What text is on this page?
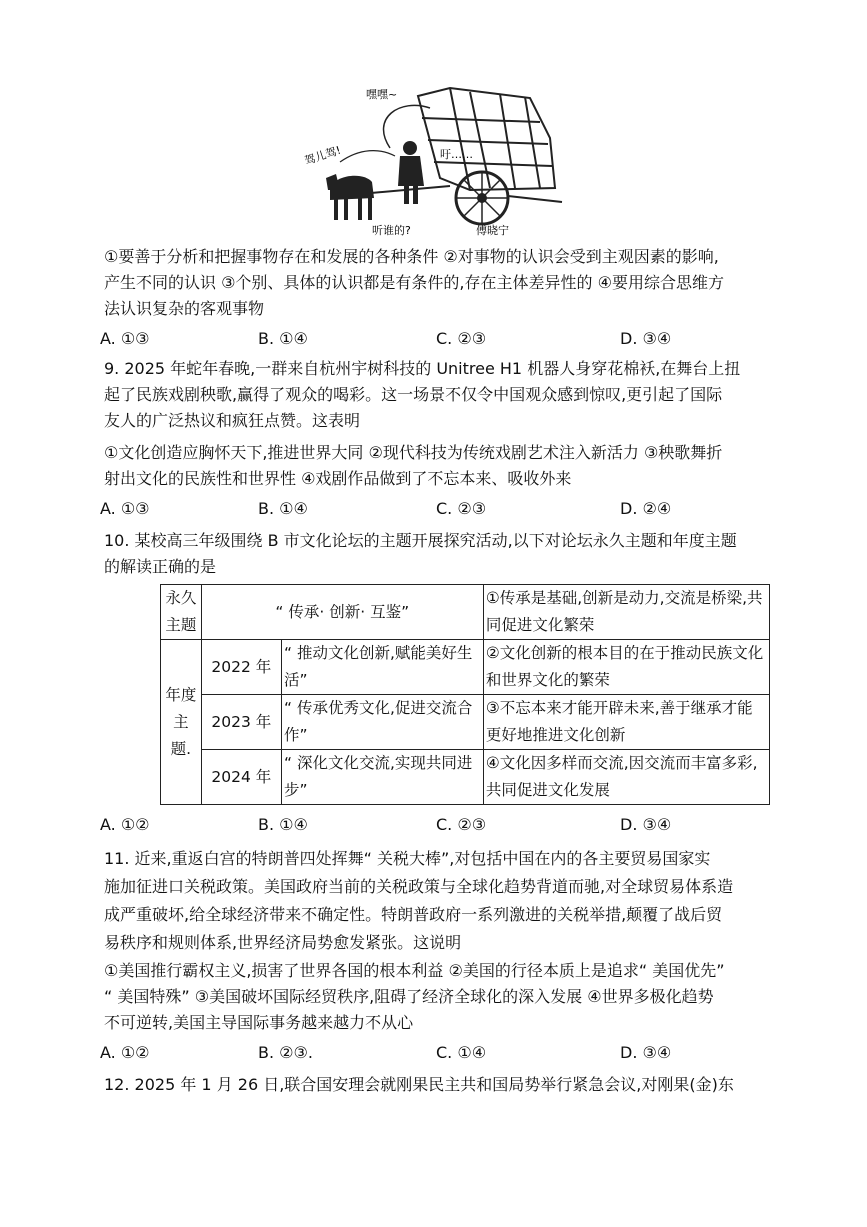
嘿嘿~
驾儿驾!	吁……
听谁的?	傅晓宁
①要善于分析和把握事物存在和发展的各种条件 ②对事物的认识会受到主观因素的影响,
产生不同的认识 ③个别、具体的认识都是有条件的,存在主体差异性的 ④要用综合思维方
法认识复杂的客观事物
A. ①③	B. ①④	C. ②③	D. ③④
9. 2025 年蛇年春晚,一群来自杭州宇树科技的 Unitree H1 机器人身穿花棉袄,在舞台上扭
起了民族戏剧秧歌,赢得了观众的喝彩。这一场景不仅令中国观众感到惊叹,更引起了国际
友人的广泛热议和疯狂点赞。这表明
①文化创造应胸怀天下,推进世界大同 ②现代科技为传统戏剧艺术注入新活力 ③秧歌舞折
射出文化的民族性和世界性 ④戏剧作品做到了不忘本来、吸收外来
A. ①③	B. ①④	C. ②③	D. ②④
10. 某校高三年级围绕 B 市文化论坛的主题开展探究活动,以下对论坛永久主题和年度主题
的解读正确的是
永久主题	“ 传承· 创新· 互鉴”		①传承是基础,创新是动力,交流是桥梁,共同促进文化繁荣
年度主题.	2022 年	“ 推动文化创新,赋能美好生活”	②文化创新的根本目的在于推动民族文化和世界文化的繁荣
	2023 年	“ 传承优秀文化,促进交流合作”	③不忘本来才能开辟未来,善于继承才能更好地推进文化创新
	2024 年	“ 深化文化交流,实现共同进步”	④文化因多样而交流,因交流而丰富多彩,共同促进文化发展
A. ①②	B. ①④	C. ②③	D. ③④
11. 近来,重返白宫的特朗普四处挥舞“ 关税大棒”,对包括中国在内的各主要贸易国家实
施加征进口关税政策。美国政府当前的关税政策与全球化趋势背道而驰,对全球贸易体系造
成严重破坏,给全球经济带来不确定性。特朗普政府一系列激进的关税举措,颠覆了战后贸
易秩序和规则体系,世界经济局势愈发紧张。这说明
①美国推行霸权主义,损害了世界各国的根本利益 ②美国的行径本质上是追求“ 美国优先”
“ 美国特殊” ③美国破坏国际经贸秩序,阻碍了经济全球化的深入发展 ④世界多极化趋势
不可逆转,美国主导国际事务越来越力不从心
A. ①②	B. ②③.	C. ①④	D. ③④
12. 2025 年 1 月 26 日,联合国安理会就刚果民主共和国局势举行紧急会议,对刚果(金)东
